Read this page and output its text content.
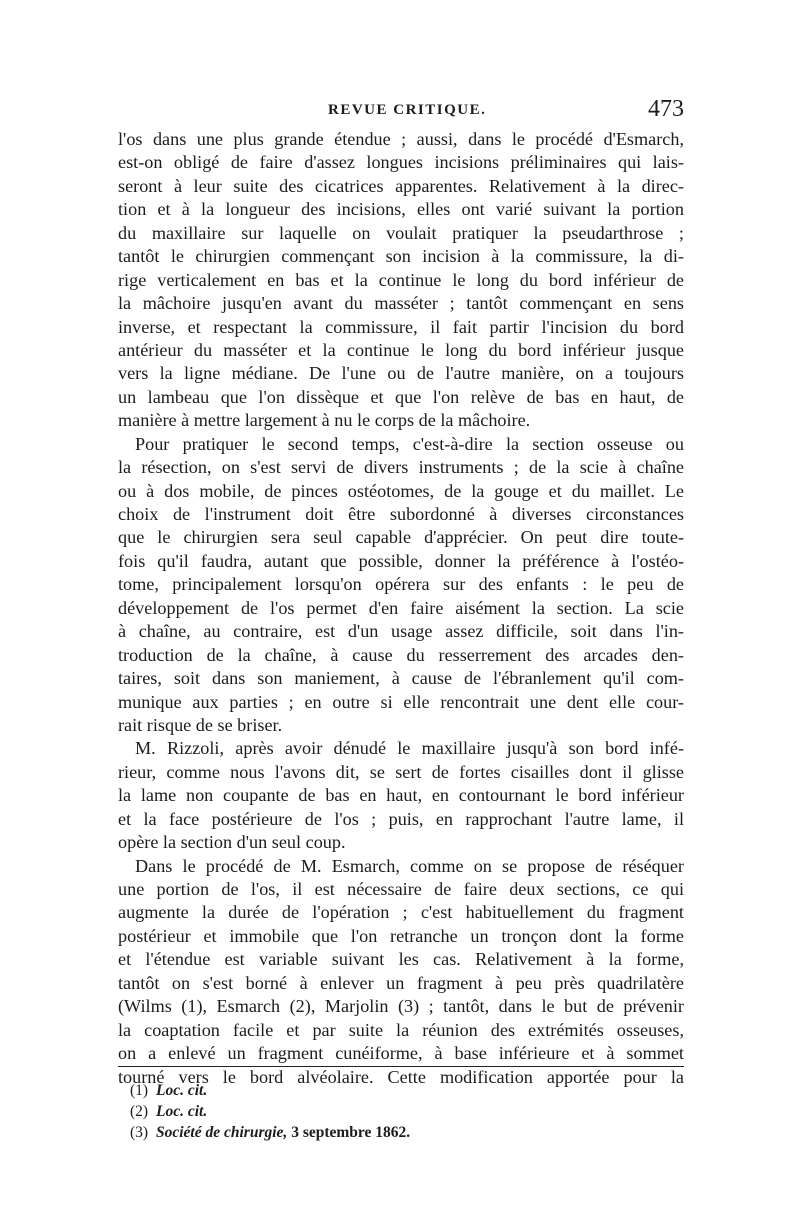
REVUE CRITIQUE.	473
l'os dans une plus grande étendue ; aussi, dans le procédé d'Esmarch,
est-on obligé de faire d'assez longues incisions préliminaires qui lais-
seront à leur suite des cicatrices apparentes. Relativement à la direc-
tion et à la longueur des incisions, elles ont varié suivant la portion
du maxillaire sur laquelle on voulait pratiquer la pseudarthrose ;
tantôt le chirurgien commençant son incision à la commissure, la di-
rige verticalement en bas et la continue le long du bord inférieur de
la mâchoire jusqu'en avant du masséter ; tantôt commençant en sens
inverse, et respectant la commissure, il fait partir l'incision du bord
antérieur du masséter et la continue le long du bord inférieur jusque
vers la ligne médiane. De l'une ou de l'autre manière, on a toujours
un lambeau que l'on dissèque et que l'on relève de bas en haut, de
manière à mettre largement à nu le corps de la mâchoire.
Pour pratiquer le second temps, c'est-à-dire la section osseuse ou
la résection, on s'est servi de divers instruments ; de la scie à chaîne
ou à dos mobile, de pinces ostéotomes, de la gouge et du maillet. Le
choix de l'instrument doit être subordonné à diverses circonstances
que le chirurgien sera seul capable d'apprécier. On peut dire toute-
fois qu'il faudra, autant que possible, donner la préférence à l'ostéo-
tome, principalement lorsqu'on opérera sur des enfants : le peu de
développement de l'os permet d'en faire aisément la section. La scie
à chaîne, au contraire, est d'un usage assez difficile, soit dans l'in-
troduction de la chaîne, à cause du resserrement des arcades den-
taires, soit dans son maniement, à cause de l'ébranlement qu'il com-
munique aux parties ; en outre si elle rencontrait une dent elle cour-
rait risque de se briser.
M. Rizzoli, après avoir dénudé le maxillaire jusqu'à son bord infé-
rieur, comme nous l'avons dit, se sert de fortes cisailles dont il glisse
la lame non coupante de bas en haut, en contournant le bord inférieur
et la face postérieure de l'os ; puis, en rapprochant l'autre lame, il
opère la section d'un seul coup.
Dans le procédé de M. Esmarch, comme on se propose de réséquer
une portion de l'os, il est nécessaire de faire deux sections, ce qui
augmente la durée de l'opération ; c'est habituellement du fragment
postérieur et immobile que l'on retranche un tronçon dont la forme
et l'étendue est variable suivant les cas. Relativement à la forme,
tantôt on s'est borné à enlever un fragment à peu près quadrilatère
(Wilms (1), Esmarch (2), Marjolin (3) ; tantôt, dans le but de prévenir
la coaptation facile et par suite la réunion des extrémités osseuses,
on a enlevé un fragment cunéiforme, à base inférieure et à sommet
tourné vers le bord alvéolaire. Cette modification apportée pour la
(1) Loc. cit.
(2) Loc. cit.
(3) Société de chirurgie, 3 septembre 1862.
